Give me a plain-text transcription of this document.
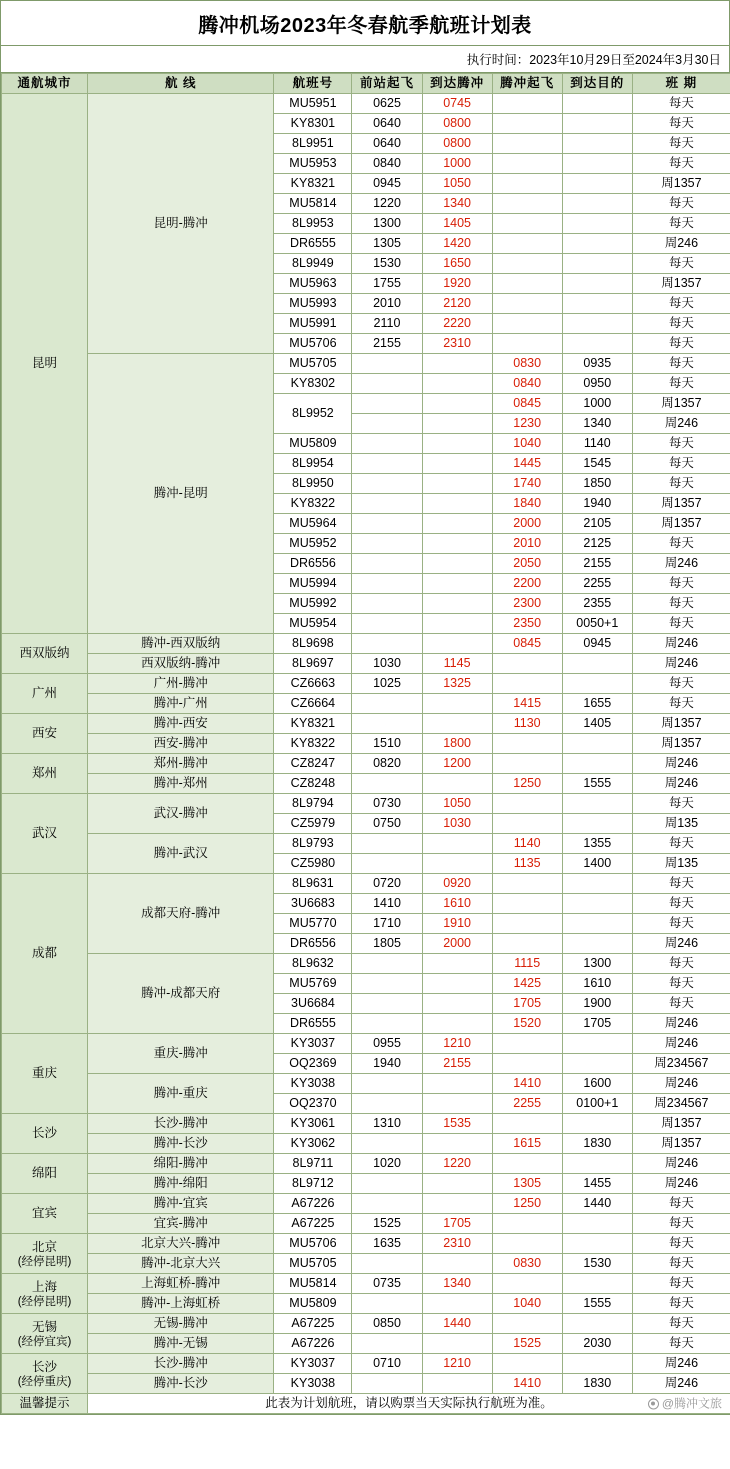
腾冲机场2023年冬春航季航班计划表
执行时间：2023年10月29日至2024年3月30日
通航城市	航 线	航班号	前站起飞	到达腾冲	腾冲起飞	到达目的	班 期
昆明	昆明-腾冲	MU5951	0625	0745			每天
		KY8301	0640	0800			每天
		8L9951	0640	0800			每天
		MU5953	0840	1000			每天
		KY8321	0945	1050			周1357
		MU5814	1220	1340			每天
		8L9953	1300	1405			每天
		DR6555	1305	1420			周246
		8L9949	1530	1650			每天
		MU5963	1755	1920			周1357
		MU5993	2010	2120			每天
		MU5991	2110	2220			每天
		MU5706	2155	2310			每天
	腾冲-昆明	MU5705			0830	0935	每天
		KY8302			0840	0950	每天
		8L9952			0845	1000	周1357
					1230	1340	周246
		MU5809			1040	1140	每天
		8L9954			1445	1545	每天
		8L9950			1740	1850	每天
		KY8322			1840	1940	周1357
		MU5964			2000	2105	周1357
		MU5952			2010	2125	每天
		DR6556			2050	2155	周246
		MU5994			2200	2255	每天
		MU5992			2300	2355	每天
		MU5954			2350	0050+1	每天
西双版纳	腾冲-西双版纳	8L9698			0845	0945	周246
	西双版纳-腾冲	8L9697	1030	1145			周246
广州	广州-腾冲	CZ6663	1025	1325			每天
	腾冲-广州	CZ6664			1415	1655	每天
西安	腾冲-西安	KY8321			1130	1405	周1357
	西安-腾冲	KY8322	1510	1800			周1357
郑州	郑州-腾冲	CZ8247	0820	1200			周246
	腾冲-郑州	CZ8248			1250	1555	周246
武汉	武汉-腾冲	8L9794	0730	1050			每天
		CZ5979	0750	1030			周135
	腾冲-武汉	8L9793			1140	1355	每天
		CZ5980			1135	1400	周135
成都	成都天府-腾冲	8L9631	0720	0920			每天
		3U6683	1410	1610			每天
		MU5770	1710	1910			每天
		DR6556	1805	2000			周246
	腾冲-成都天府	8L9632			1115	1300	每天
		MU5769			1425	1610	每天
		3U6684			1705	1900	每天
		DR6555			1520	1705	周246
重庆	重庆-腾冲	KY3037	0955	1210			周246
		OQ2369	1940	2155			周234567
	腾冲-重庆	KY3038			1410	1600	周246
		OQ2370			2255	0100+1	周234567
长沙	长沙-腾冲	KY3061	1310	1535			周1357
	腾冲-长沙	KY3062			1615	1830	周1357
绵阳	绵阳-腾冲	8L9711	1020	1220			周246
	腾冲-绵阳	8L9712			1305	1455	周246
宜宾	腾冲-宜宾	A67226			1250	1440	每天
	宜宾-腾冲	A67225	1525	1705			每天
北京
(经停昆明)	北京大兴-腾冲	MU5706	1635	2310			每天
	腾冲-北京大兴	MU5705			0830	1530	每天
上海
(经停昆明)	上海虹桥-腾冲	MU5814	0735	1340			每天
	腾冲-上海虹桥	MU5809			1040	1555	每天
无锡
(经停宜宾)	无锡-腾冲	A67225	0850	1440			每天
	腾冲-无锡	A67226			1525	2030	每天
长沙
(经停重庆)	长沙-腾冲	KY3037	0710	1210			周246
	腾冲-长沙	KY3038			1410	1830	周246
温馨提示	此表为计划航班，请以购票当天实际执行航班为准。 @腾冲文旅						
